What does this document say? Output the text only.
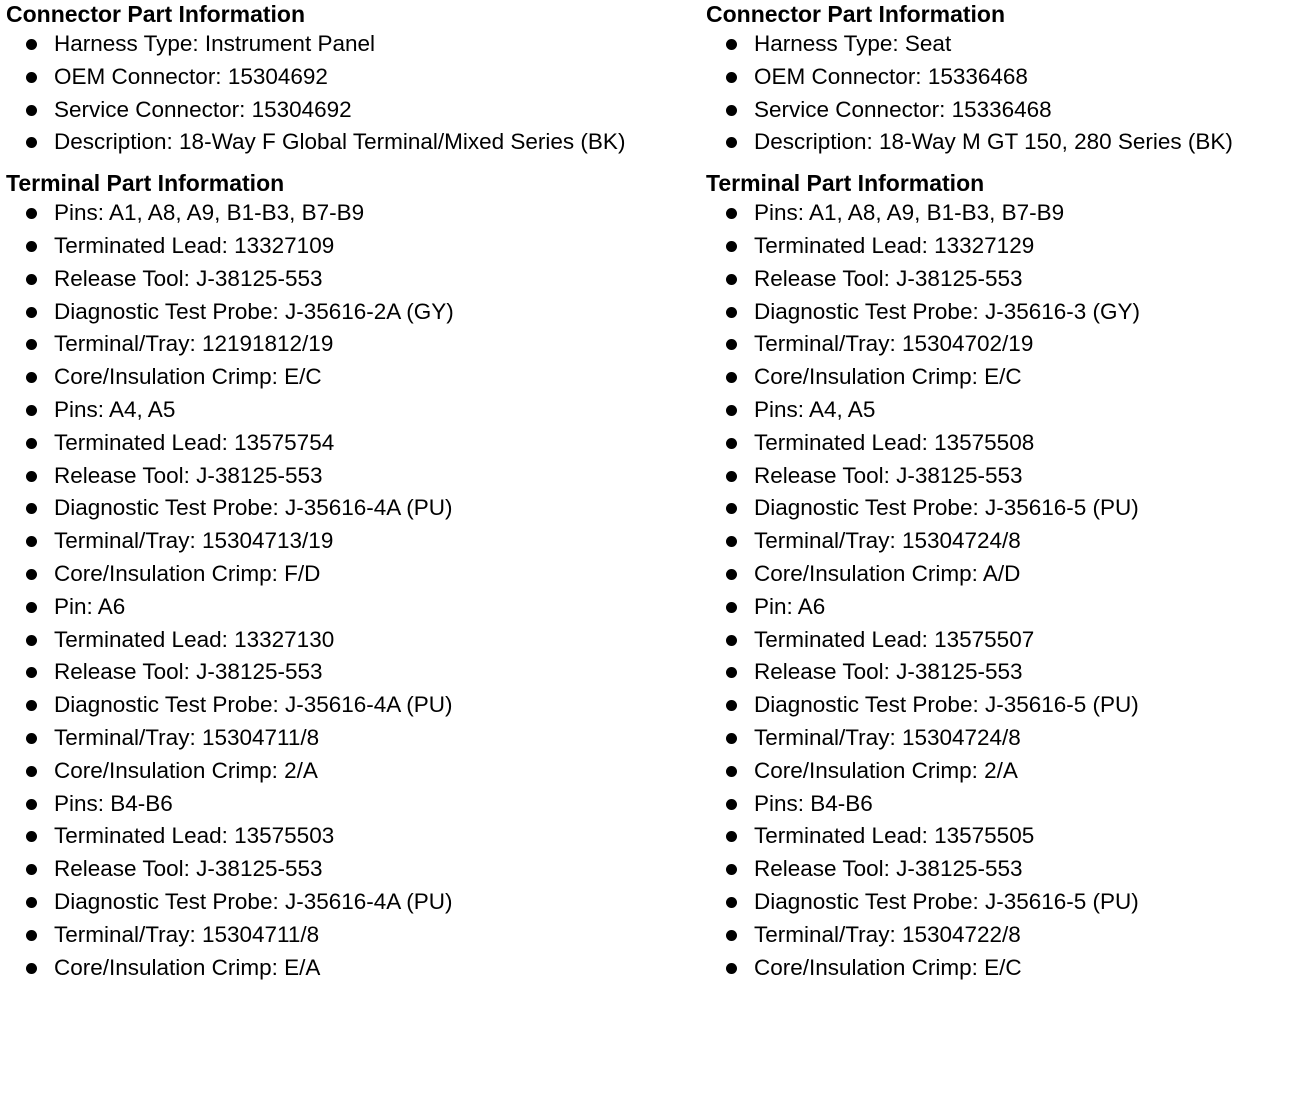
Connector Part Information
Harness Type: Instrument Panel
OEM Connector: 15304692
Service Connector: 15304692
Description: 18-Way F Global Terminal/Mixed Series (BK)
Terminal Part Information
Pins: A1, A8, A9, B1-B3, B7-B9
Terminated Lead: 13327109
Release Tool: J-38125-553
Diagnostic Test Probe: J-35616-2A (GY)
Terminal/Tray: 12191812/19
Core/Insulation Crimp: E/C
Pins: A4, A5
Terminated Lead: 13575754
Release Tool: J-38125-553
Diagnostic Test Probe: J-35616-4A (PU)
Terminal/Tray: 15304713/19
Core/Insulation Crimp: F/D
Pin: A6
Terminated Lead: 13327130
Release Tool: J-38125-553
Diagnostic Test Probe: J-35616-4A (PU)
Terminal/Tray: 15304711/8
Core/Insulation Crimp: 2/A
Pins: B4-B6
Terminated Lead: 13575503
Release Tool: J-38125-553
Diagnostic Test Probe: J-35616-4A (PU)
Terminal/Tray: 15304711/8
Core/Insulation Crimp: E/A
Connector Part Information
Harness Type: Seat
OEM Connector: 15336468
Service Connector: 15336468
Description: 18-Way M GT 150, 280 Series (BK)
Terminal Part Information
Pins: A1, A8, A9, B1-B3, B7-B9
Terminated Lead: 13327129
Release Tool: J-38125-553
Diagnostic Test Probe: J-35616-3 (GY)
Terminal/Tray: 15304702/19
Core/Insulation Crimp: E/C
Pins: A4, A5
Terminated Lead: 13575508
Release Tool: J-38125-553
Diagnostic Test Probe: J-35616-5 (PU)
Terminal/Tray: 15304724/8
Core/Insulation Crimp: A/D
Pin: A6
Terminated Lead: 13575507
Release Tool: J-38125-553
Diagnostic Test Probe: J-35616-5 (PU)
Terminal/Tray: 15304724/8
Core/Insulation Crimp: 2/A
Pins: B4-B6
Terminated Lead: 13575505
Release Tool: J-38125-553
Diagnostic Test Probe: J-35616-5 (PU)
Terminal/Tray: 15304722/8
Core/Insulation Crimp: E/C
